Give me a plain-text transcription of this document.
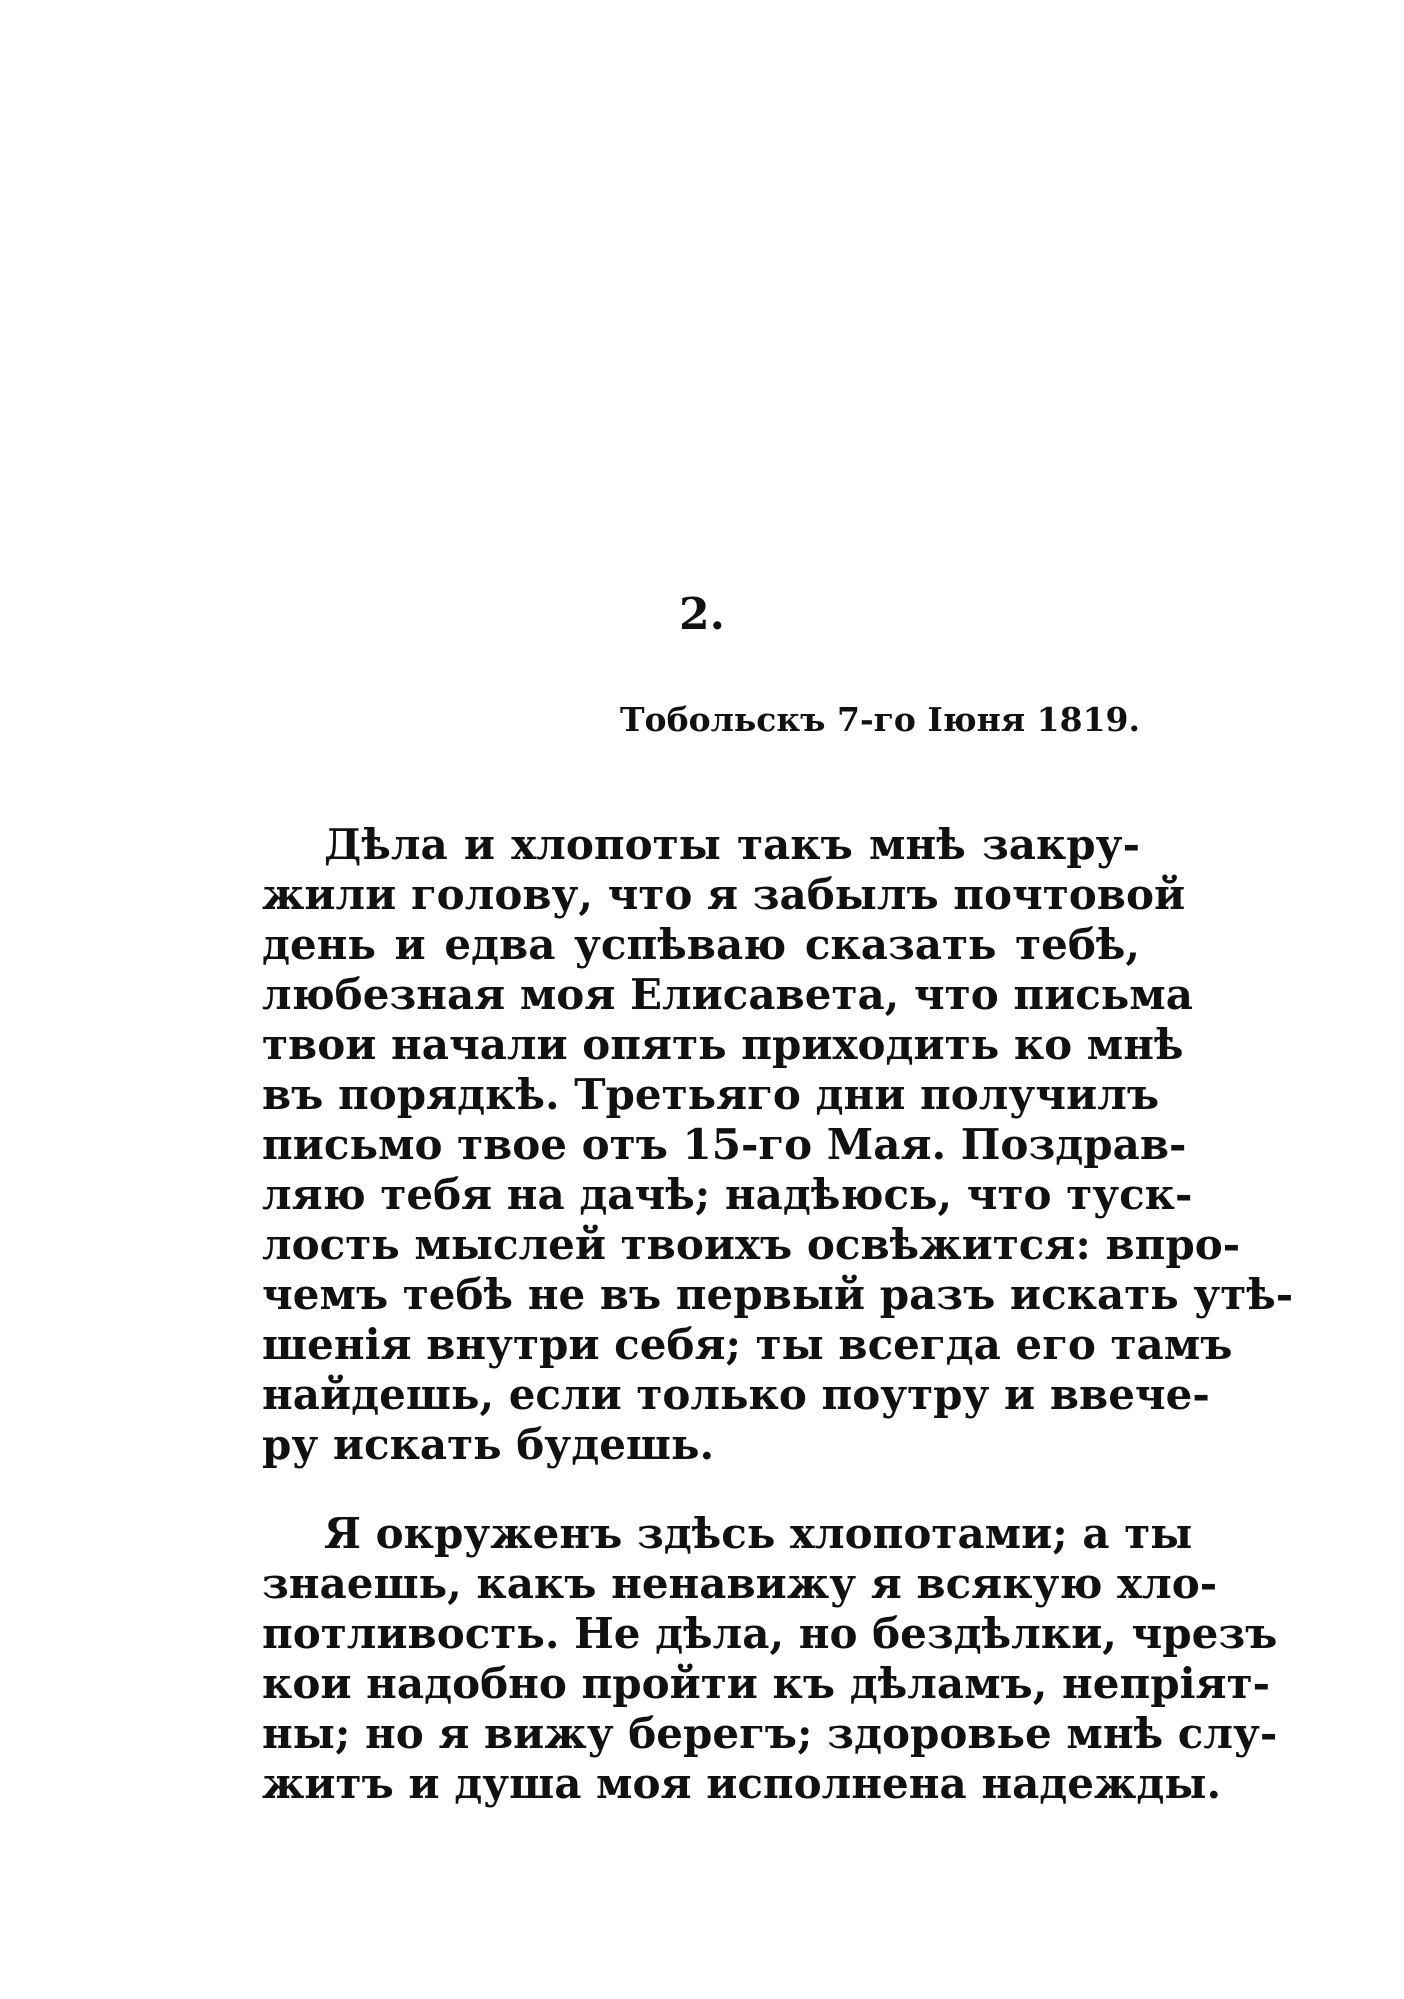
2.
Тобольскъ 7-го Іюня 1819.
Дѣла и хлопоты такъ мнѣ закру-
жили голову, что я забылъ почтовой
день и едва успѣваю сказать тебѣ,
любезная моя Елисавета, что письма
твои начали опять приходить ко мнѣ
въ порядкѣ. Третьяго дни получилъ
письмо твое отъ 15-го Мая. Поздрав-
ляю тебя на дачѣ; надѣюсь, что туск-
лость мыслей твоихъ освѣжится: впро-
чемъ тебѣ не въ первый разъ искать утѣ-
шенія внутри себя; ты всегда его тамъ
найдешь, если только поутру и ввече-
ру искать будешь.
Я окруженъ здѣсь хлопотами; а ты
знаешь, какъ ненавижу я всякую хло-
потливость. Не дѣла, но бездѣлки, чрезъ
кои надобно пройти къ дѣламъ, непріят-
ны; но я вижу берегъ; здоровье мнѣ слу-
житъ и душа моя исполнена надежды.
